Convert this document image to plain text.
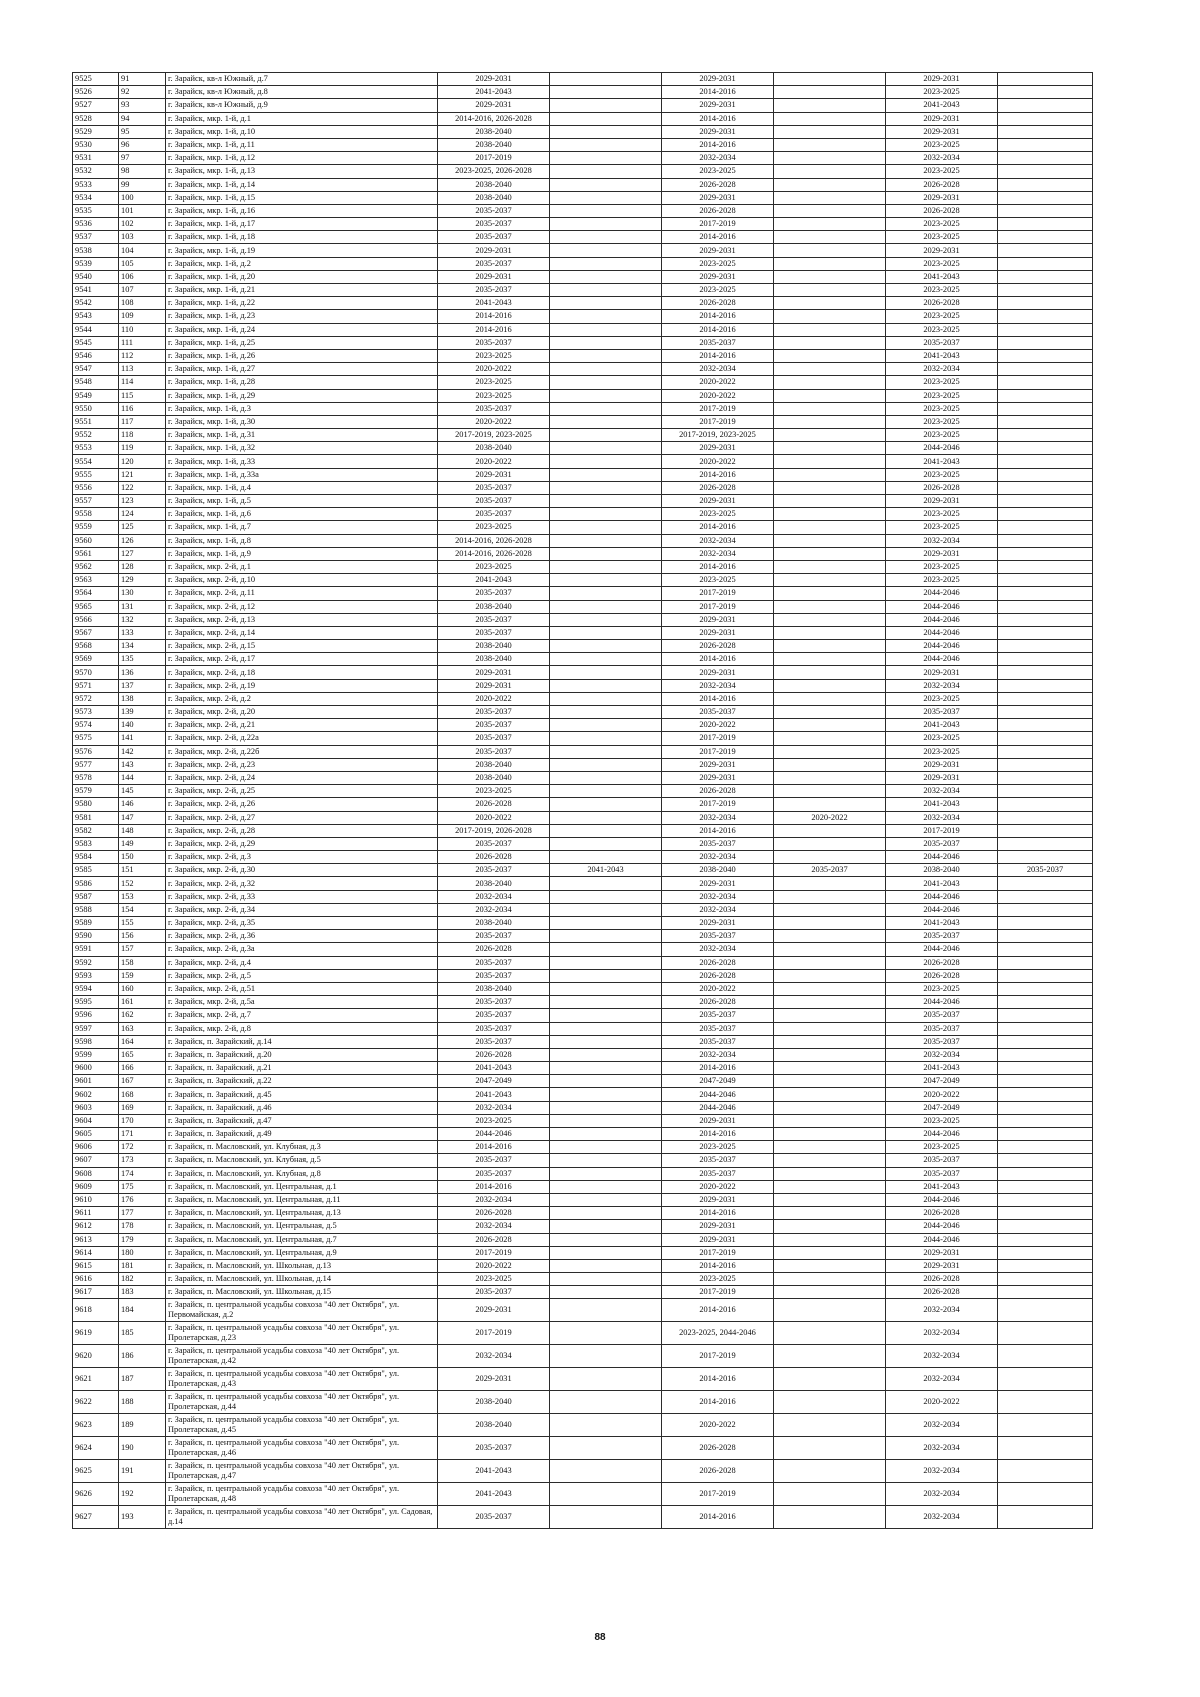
9525	91	г. Зарайск, кв-л Южный, д.7	2029-2031		2029-2031		2029-2031	
9526	92	г. Зарайск, кв-л Южный, д.8	2041-2043		2014-2016		2023-2025	
9527	93	г. Зарайск, кв-л Южный, д.9	2029-2031		2029-2031		2041-2043	
9528	94	г. Зарайск, мкр. 1-й, д.1	2014-2016, 2026-2028		2014-2016		2029-2031	
9529	95	г. Зарайск, мкр. 1-й, д.10	2038-2040		2029-2031		2029-2031	
9530	96	г. Зарайск, мкр. 1-й, д.11	2038-2040		2014-2016		2023-2025	
9531	97	г. Зарайск, мкр. 1-й, д.12	2017-2019		2032-2034		2032-2034	
9532	98	г. Зарайск, мкр. 1-й, д.13	2023-2025, 2026-2028		2023-2025		2023-2025	
9533	99	г. Зарайск, мкр. 1-й, д.14	2038-2040		2026-2028		2026-2028	
9534	100	г. Зарайск, мкр. 1-й, д.15	2038-2040		2029-2031		2029-2031	
9535	101	г. Зарайск, мкр. 1-й, д.16	2035-2037		2026-2028		2026-2028	
9536	102	г. Зарайск, мкр. 1-й, д.17	2035-2037		2017-2019		2023-2025	
9537	103	г. Зарайск, мкр. 1-й, д.18	2035-2037		2014-2016		2023-2025	
9538	104	г. Зарайск, мкр. 1-й, д.19	2029-2031		2029-2031		2029-2031	
9539	105	г. Зарайск, мкр. 1-й, д.2	2035-2037		2023-2025		2023-2025	
9540	106	г. Зарайск, мкр. 1-й, д.20	2029-2031		2029-2031		2041-2043	
9541	107	г. Зарайск, мкр. 1-й, д.21	2035-2037		2023-2025		2023-2025	
9542	108	г. Зарайск, мкр. 1-й, д.22	2041-2043		2026-2028		2026-2028	
9543	109	г. Зарайск, мкр. 1-й, д.23	2014-2016		2014-2016		2023-2025	
9544	110	г. Зарайск, мкр. 1-й, д.24	2014-2016		2014-2016		2023-2025	
9545	111	г. Зарайск, мкр. 1-й, д.25	2035-2037		2035-2037		2035-2037	
9546	112	г. Зарайск, мкр. 1-й, д.26	2023-2025		2014-2016		2041-2043	
9547	113	г. Зарайск, мкр. 1-й, д.27	2020-2022		2032-2034		2032-2034	
9548	114	г. Зарайск, мкр. 1-й, д.28	2023-2025		2020-2022		2023-2025	
9549	115	г. Зарайск, мкр. 1-й, д.29	2023-2025		2020-2022		2023-2025	
9550	116	г. Зарайск, мкр. 1-й, д.3	2035-2037		2017-2019		2023-2025	
9551	117	г. Зарайск, мкр. 1-й, д.30	2020-2022		2017-2019		2023-2025	
9552	118	г. Зарайск, мкр. 1-й, д.31	2017-2019, 2023-2025		2017-2019, 2023-2025		2023-2025	
9553	119	г. Зарайск, мкр. 1-й, д.32	2038-2040		2029-2031		2044-2046	
9554	120	г. Зарайск, мкр. 1-й, д.33	2020-2022		2020-2022		2041-2043	
9555	121	г. Зарайск, мкр. 1-й, д.33а	2029-2031		2014-2016		2023-2025	
9556	122	г. Зарайск, мкр. 1-й, д.4	2035-2037		2026-2028		2026-2028	
9557	123	г. Зарайск, мкр. 1-й, д.5	2035-2037		2029-2031		2029-2031	
9558	124	г. Зарайск, мкр. 1-й, д.6	2035-2037		2023-2025		2023-2025	
9559	125	г. Зарайск, мкр. 1-й, д.7	2023-2025		2014-2016		2023-2025	
9560	126	г. Зарайск, мкр. 1-й, д.8	2014-2016, 2026-2028		2032-2034		2032-2034	
9561	127	г. Зарайск, мкр. 1-й, д.9	2014-2016, 2026-2028		2032-2034		2029-2031	
9562	128	г. Зарайск, мкр. 2-й, д.1	2023-2025		2014-2016		2023-2025	
9563	129	г. Зарайск, мкр. 2-й, д.10	2041-2043		2023-2025		2023-2025	
9564	130	г. Зарайск, мкр. 2-й, д.11	2035-2037		2017-2019		2044-2046	
9565	131	г. Зарайск, мкр. 2-й, д.12	2038-2040		2017-2019		2044-2046	
9566	132	г. Зарайск, мкр. 2-й, д.13	2035-2037		2029-2031		2044-2046	
9567	133	г. Зарайск, мкр. 2-й, д.14	2035-2037		2029-2031		2044-2046	
9568	134	г. Зарайск, мкр. 2-й, д.15	2038-2040		2026-2028		2044-2046	
9569	135	г. Зарайск, мкр. 2-й, д.17	2038-2040		2014-2016		2044-2046	
9570	136	г. Зарайск, мкр. 2-й, д.18	2029-2031		2029-2031		2029-2031	
9571	137	г. Зарайск, мкр. 2-й, д.19	2029-2031		2032-2034		2032-2034	
9572	138	г. Зарайск, мкр. 2-й, д.2	2020-2022		2014-2016		2023-2025	
9573	139	г. Зарайск, мкр. 2-й, д.20	2035-2037		2035-2037		2035-2037	
9574	140	г. Зарайск, мкр. 2-й, д.21	2035-2037		2020-2022		2041-2043	
9575	141	г. Зарайск, мкр. 2-й, д.22а	2035-2037		2017-2019		2023-2025	
9576	142	г. Зарайск, мкр. 2-й, д.22б	2035-2037		2017-2019		2023-2025	
9577	143	г. Зарайск, мкр. 2-й, д.23	2038-2040		2029-2031		2029-2031	
9578	144	г. Зарайск, мкр. 2-й, д.24	2038-2040		2029-2031		2029-2031	
9579	145	г. Зарайск, мкр. 2-й, д.25	2023-2025		2026-2028		2032-2034	
9580	146	г. Зарайск, мкр. 2-й, д.26	2026-2028		2017-2019		2041-2043	
9581	147	г. Зарайск, мкр. 2-й, д.27	2020-2022		2032-2034	2020-2022	2032-2034	
9582	148	г. Зарайск, мкр. 2-й, д.28	2017-2019, 2026-2028		2014-2016		2017-2019	
9583	149	г. Зарайск, мкр. 2-й, д.29	2035-2037		2035-2037		2035-2037	
9584	150	г. Зарайск, мкр. 2-й, д.3	2026-2028		2032-2034		2044-2046	
9585	151	г. Зарайск, мкр. 2-й, д.30	2035-2037	2041-2043	2038-2040	2035-2037	2038-2040	2035-2037
9586	152	г. Зарайск, мкр. 2-й, д.32	2038-2040		2029-2031		2041-2043	
9587	153	г. Зарайск, мкр. 2-й, д.33	2032-2034		2032-2034		2044-2046	
9588	154	г. Зарайск, мкр. 2-й, д.34	2032-2034		2032-2034		2044-2046	
9589	155	г. Зарайск, мкр. 2-й, д.35	2038-2040		2029-2031		2041-2043	
9590	156	г. Зарайск, мкр. 2-й, д.36	2035-2037		2035-2037		2035-2037	
9591	157	г. Зарайск, мкр. 2-й, д.3а	2026-2028		2032-2034		2044-2046	
9592	158	г. Зарайск, мкр. 2-й, д.4	2035-2037		2026-2028		2026-2028	
9593	159	г. Зарайск, мкр. 2-й, д.5	2035-2037		2026-2028		2026-2028	
9594	160	г. Зарайск, мкр. 2-й, д.51	2038-2040		2020-2022		2023-2025	
9595	161	г. Зарайск, мкр. 2-й, д.5а	2035-2037		2026-2028		2044-2046	
9596	162	г. Зарайск, мкр. 2-й, д.7	2035-2037		2035-2037		2035-2037	
9597	163	г. Зарайск, мкр. 2-й, д.8	2035-2037		2035-2037		2035-2037	
9598	164	г. Зарайск, п. Зарайский, д.14	2035-2037		2035-2037		2035-2037	
9599	165	г. Зарайск, п. Зарайский, д.20	2026-2028		2032-2034		2032-2034	
9600	166	г. Зарайск, п. Зарайский, д.21	2041-2043		2014-2016		2041-2043	
9601	167	г. Зарайск, п. Зарайский, д.22	2047-2049		2047-2049		2047-2049	
9602	168	г. Зарайск, п. Зарайский, д.45	2041-2043		2044-2046		2020-2022	
9603	169	г. Зарайск, п. Зарайский, д.46	2032-2034		2044-2046		2047-2049	
9604	170	г. Зарайск, п. Зарайский, д.47	2023-2025		2029-2031		2023-2025	
9605	171	г. Зарайск, п. Зарайский, д.49	2044-2046		2014-2016		2044-2046	
9606	172	г. Зарайск, п. Масловский, ул. Клубная, д.3	2014-2016		2023-2025		2023-2025	
9607	173	г. Зарайск, п. Масловский, ул. Клубная, д.5	2035-2037		2035-2037		2035-2037	
9608	174	г. Зарайск, п. Масловский, ул. Клубная, д.8	2035-2037		2035-2037		2035-2037	
9609	175	г. Зарайск, п. Масловский, ул. Центральная, д.1	2014-2016		2020-2022		2041-2043	
9610	176	г. Зарайск, п. Масловский, ул. Центральная, д.11	2032-2034		2029-2031		2044-2046	
9611	177	г. Зарайск, п. Масловский, ул. Центральная, д.13	2026-2028		2014-2016		2026-2028	
9612	178	г. Зарайск, п. Масловский, ул. Центральная, д.5	2032-2034		2029-2031		2044-2046	
9613	179	г. Зарайск, п. Масловский, ул. Центральная, д.7	2026-2028		2029-2031		2044-2046	
9614	180	г. Зарайск, п. Масловский, ул. Центральная, д.9	2017-2019		2017-2019		2029-2031	
9615	181	г. Зарайск, п. Масловский, ул. Школьная, д.13	2020-2022		2014-2016		2029-2031	
9616	182	г. Зарайск, п. Масловский, ул. Школьная, д.14	2023-2025		2023-2025		2026-2028	
9617	183	г. Зарайск, п. Масловский, ул. Школьная, д.15	2035-2037		2017-2019		2026-2028	
9618	184	г. Зарайск, п. центральной усадьбы совхоза "40 лет Октября", ул. Первомайская, д.2	2029-2031		2014-2016		2032-2034	
9619	185	г. Зарайск, п. центральной усадьбы совхоза "40 лет Октября", ул. Пролетарская, д.23	2017-2019		2023-2025, 2044-2046		2032-2034	
9620	186	г. Зарайск, п. центральной усадьбы совхоза "40 лет Октября", ул. Пролетарская, д.42	2032-2034		2017-2019		2032-2034	
9621	187	г. Зарайск, п. центральной усадьбы совхоза "40 лет Октября", ул. Пролетарская, д.43	2029-2031		2014-2016		2032-2034	
9622	188	г. Зарайск, п. центральной усадьбы совхоза "40 лет Октября", ул. Пролетарская, д.44	2038-2040		2014-2016		2020-2022	
9623	189	г. Зарайск, п. центральной усадьбы совхоза "40 лет Октября", ул. Пролетарская, д.45	2038-2040		2020-2022		2032-2034	
9624	190	г. Зарайск, п. центральной усадьбы совхоза "40 лет Октября", ул. Пролетарская, д.46	2035-2037		2026-2028		2032-2034	
9625	191	г. Зарайск, п. центральной усадьбы совхоза "40 лет Октября", ул. Пролетарская, д.47	2041-2043		2026-2028		2032-2034	
9626	192	г. Зарайск, п. центральной усадьбы совхоза "40 лет Октября", ул. Пролетарская, д.48	2041-2043		2017-2019		2032-2034	
9627	193	г. Зарайск, п. центральной усадьбы совхоза "40 лет Октября", ул. Садовая, д.14	2035-2037		2014-2016		2032-2034	
88
